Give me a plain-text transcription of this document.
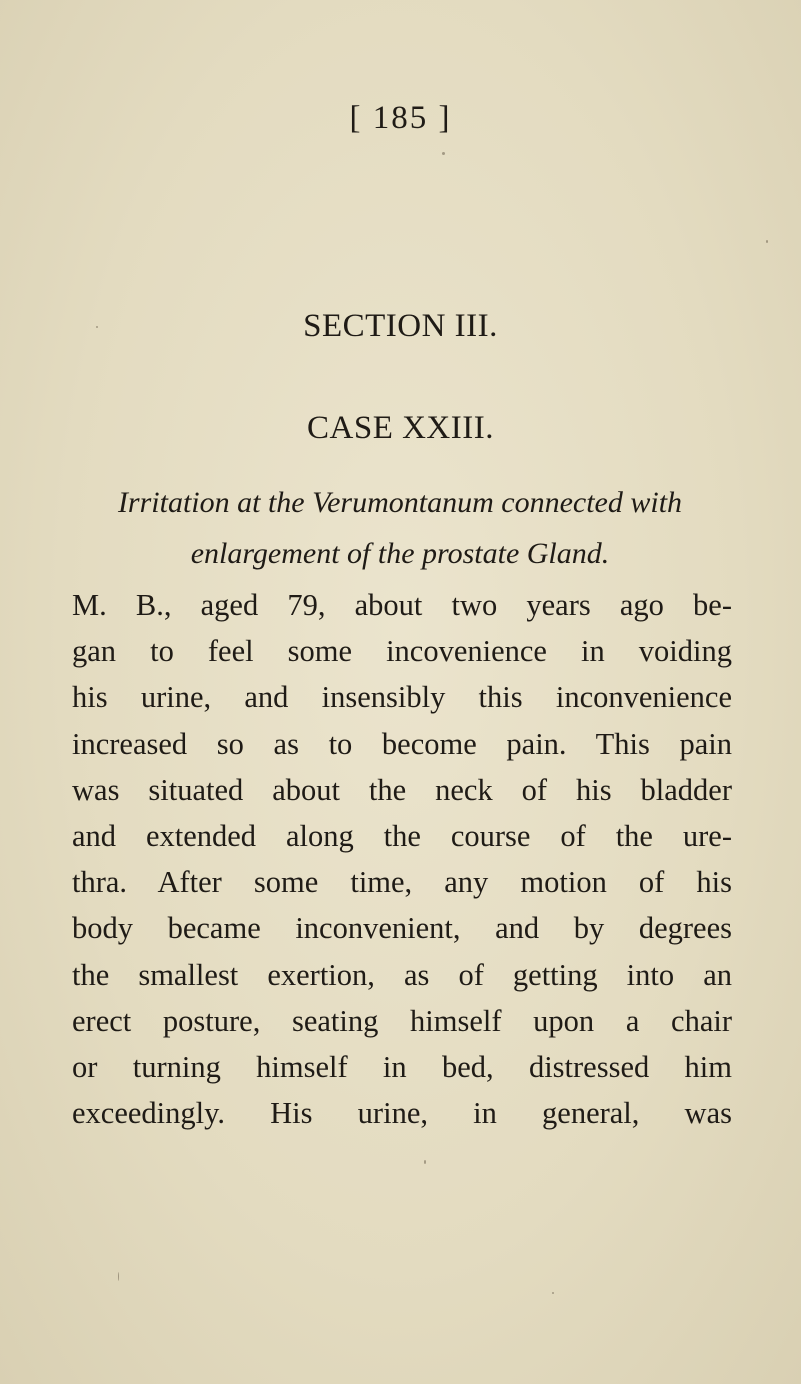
[ 185 ]
SECTION III.
CASE XXIII.
Irritation at the Verumontanum connected with
enlargement of the prostate Gland.
M. B., aged 79, about two years ago be-
gan to feel some incovenience in voiding
his urine, and insensibly this inconvenience
increased so as to become pain. This pain
was situated about the neck of his bladder
and extended along the course of the ure-
thra. After some time, any motion of his
body became inconvenient, and by degrees
the smallest exertion, as of getting into an
erect posture, seating himself upon a chair
or turning himself in bed, distressed him
exceedingly. His urine, in general, was
